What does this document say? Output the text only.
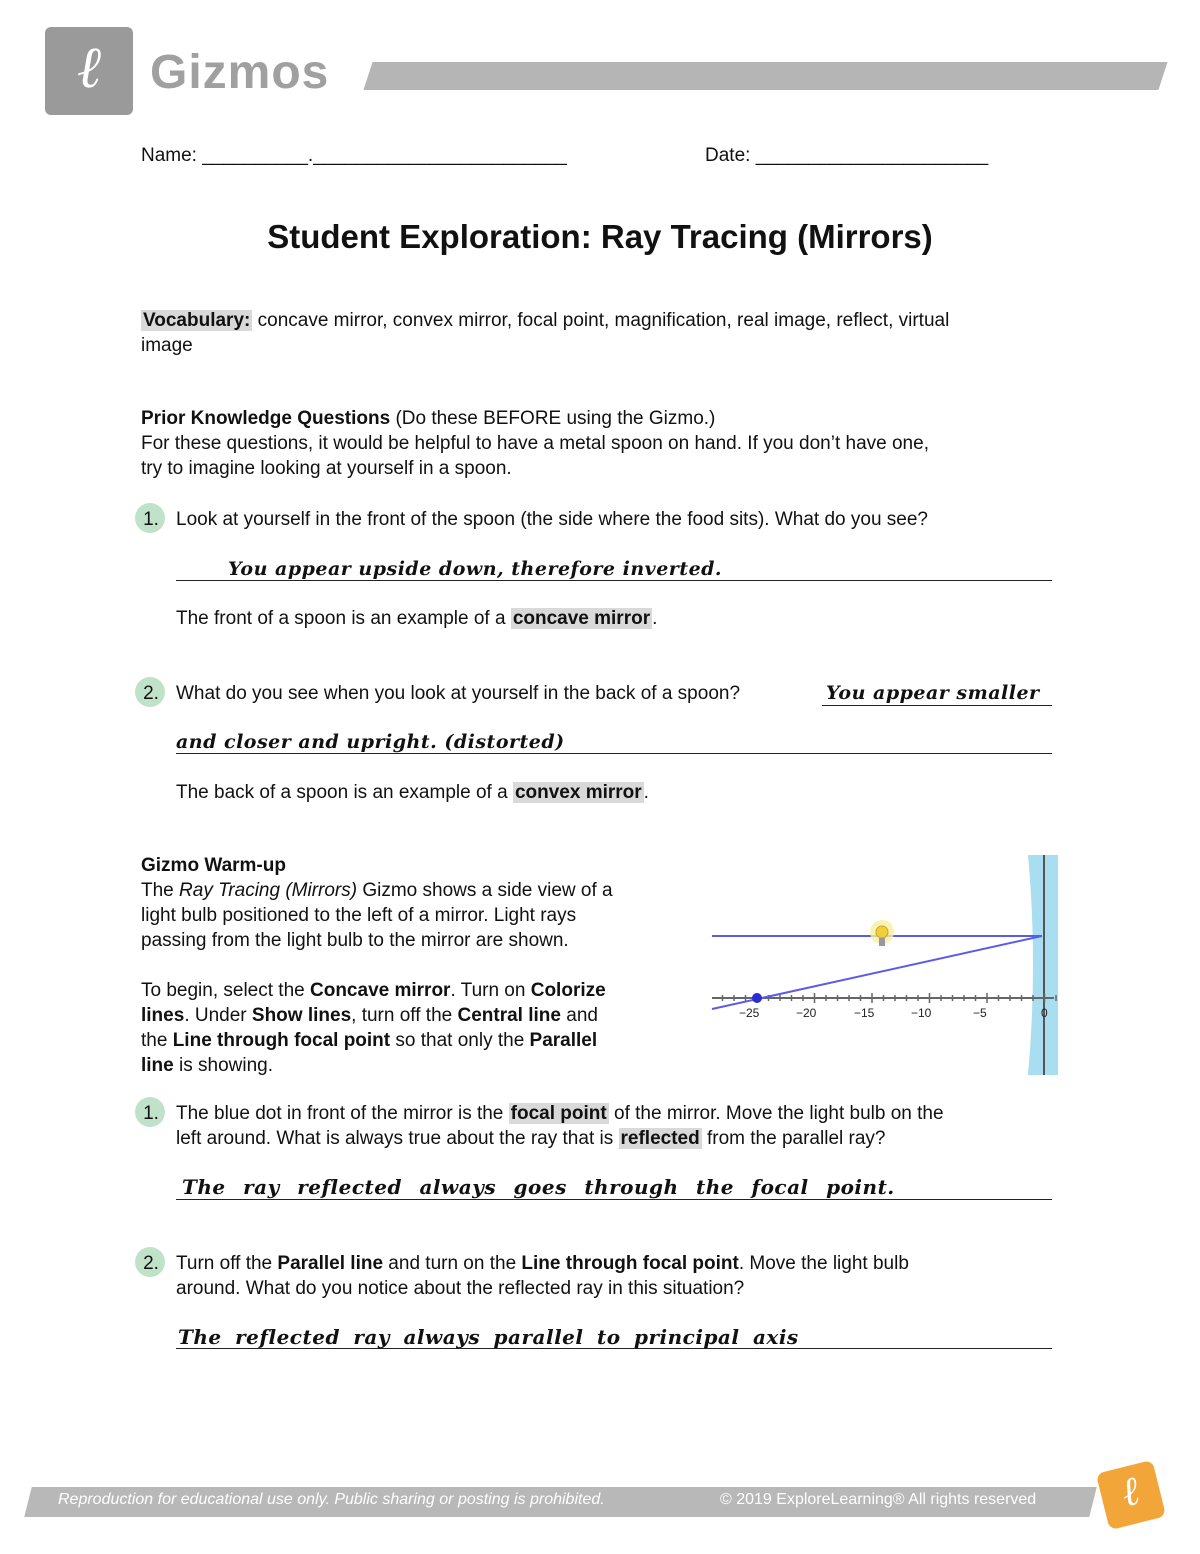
ℓ	Gizmos
Name: __________.________________________	Date: ______________________
Student Exploration: Ray Tracing (Mirrors)
Vocabulary: concave mirror, convex mirror, focal point, magnification, real image, reflect, virtual
image
Prior Knowledge Questions (Do these BEFORE using the Gizmo.)
For these questions, it would be helpful to have a metal spoon on hand. If you don’t have one,
try to imagine looking at yourself in a spoon.
1. Look at yourself in the front of the spoon (the side where the food sits). What do you see?
You appear upside down, therefore inverted.
The front of a spoon is an example of a concave mirror .
2. What do you see when you look at yourself in the back of a spoon?	You appear smaller
and closer and upright. (distorted)
The back of a spoon is an example of a convex mirror .
Gizmo Warm-up
The Ray Tracing (Mirrors) Gizmo shows a side view of a
light bulb positioned to the left of a mirror. Light rays
passing from the light bulb to the mirror are shown.

To begin, select the Concave mirror. Turn on Colorize
lines. Under Show lines, turn off the Central line and
the Line through focal point so that only the Parallel
line is showing.
−25	−20	−15	−10	−5	0
1. The blue dot in front of the mirror is the focal point of the mirror. Move the light bulb on the
left around. What is always true about the ray that is reflected from the parallel ray?
The ray reflected always goes through the focal point.
2. Turn off the Parallel line and turn on the Line through focal point. Move the light bulb
around. What do you notice about the reflected ray in this situation?
The reflected ray always parallel to principal axis
Reproduction for educational use only. Public sharing or posting is prohibited.	© 2019 ExploreLearning® All rights reserved	ℓ
